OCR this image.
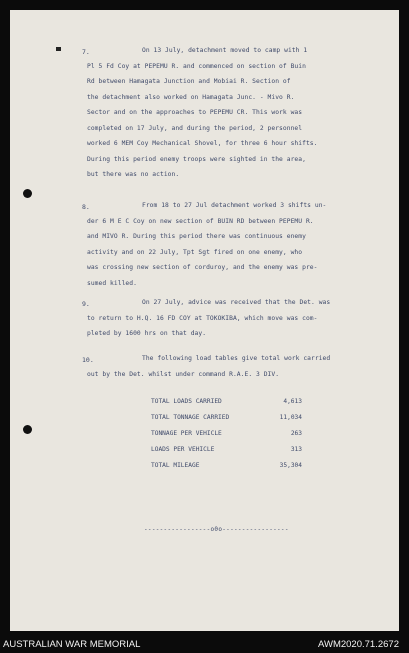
7.	On 13 July, detachment moved to camp with 1
Pl 5 Fd Coy at PEPEMU R. and commenced on section of Buin
Rd between Hamagata Junction and Mobiai R. Section of
the detachment also worked on Hamagata Junc. - Mivo R.
Sector and on the approaches to PEPEMU CR. This work was
completed on 17 July, and during the period, 2 personnel
worked 6 MEM Coy Mechanical Shovel, for three 6 hour shifts.
During this period enemy troops were sighted in the area,
but there was no action.
8.	From 18 to 27 Jul detachment worked 3 shifts un-
der 6 M E C Coy on new section of BUIN RD between PEPEMU R.
and MIVO R. During this period there was continuous enemy
activity and on 22 July, Tpt Sgt fired on one enemy, who
was crossing new section of corduroy, and the enemy was pre-
sumed killed.
9.	On 27 July, advice was received that the Det. was
to return to H.Q. 16 FD COY at TOKOKIBA, which move was com-
pleted by 1600 hrs on that day.
10.	The following load tables give total work carried
out by the Det. whilst under command R.A.E. 3 DIV.
TOTAL LOADS CARRIED	4,613
TOTAL TONNAGE CARRIED	11,034
TONNAGE PER VEHICLE	263
LOADS PER VEHICLE	313
TOTAL MILEAGE	35,304
-----------------o0o-----------------
AUSTRALIAN WAR MEMORIAL	AWM2020.71.2672
